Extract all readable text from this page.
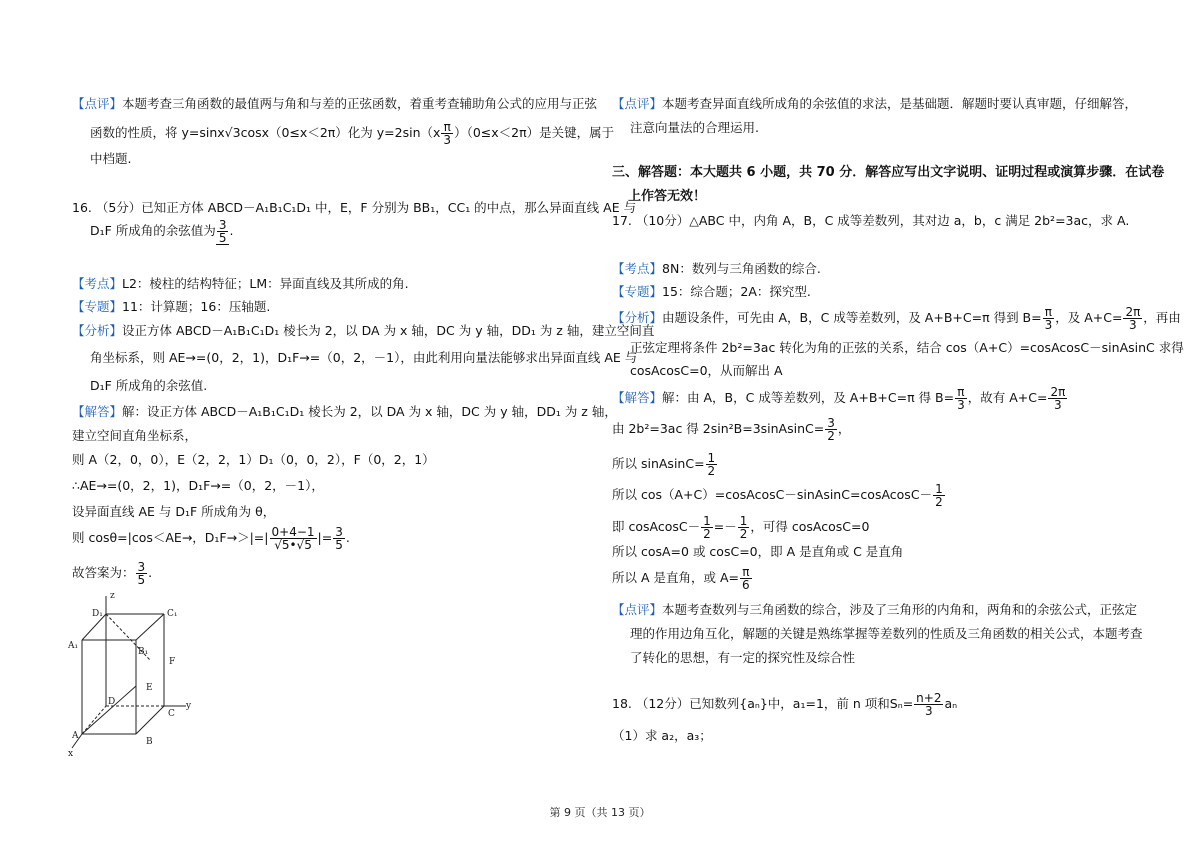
【点评】本题考查三角函数的最值两与角和与差的正弦函数，着重考查辅助角公式的应用与正弦
函数的性质，将 y=sinx√3cosx（0≤x＜2π）化为 $y=2\sin(x \frac{\pi}{3} )(0\le x<2\pi)$是关键，属于
中档题.
16. （5分）已知正方体 ABCD－A₁B₁C₁D₁ 中，E，F 分别为 BB₁，CC₁ 的中点，那么异面直线 AE 与
D₁F 所成角的余弦值为 $\frac{3}{5}$ .
【考点】L2：棱柱的结构特征；LM：异面直线及其所成的角.
【专题】11：计算题；16：压轴题.
【分析】设正方体 ABCD－A₁B₁C₁D₁ 棱长为 2，以 DA 为 x 轴，DC 为 y 轴，DD₁ 为 z 轴，建立空间直
角坐标系，则 AE→=(0，2，1)，D₁F→=（0，2，－1），由此利用向量法能够求出异面直线 AE 与
D₁F 所成角的余弦值.
【解答】解：设正方体 ABCD－A₁B₁C₁D₁ 棱长为 2，以 DA 为 x 轴，DC 为 y 轴，DD₁ 为 z 轴，
建立空间直角坐标系，
则 A（2，0，0），E（2，2，1）D₁（0，0，2），F（0，2，1）
∴AE→=(0，2，1)，D₁F→=（0，2，－1），
设异面直线 AE 与 D₁F 所成角为 θ，
则 cosθ=|cos＜AE→，$D_1F\to>|=| \frac{0+4-1}{√5•√5}$ |= $\frac{3}{5}$ .
故答案为： $\frac{3}{5}$ .
z
D₁	C₁
A₁
B₁
F
E
D
C
y
A
B
x
【点评】本题考查异面直线所成角的余弦值的求法，是基础题．解题时要认真审题，仔细解答，
注意向量法的合理运用.
三、解答题：本大题共 6 小题，共 70 分．解答应写出文字说明、证明过程或演算步骤．在试卷
上作答无效！
17. （10分）△ABC 中，内角 A，B，C 成等差数列，其对边 a，b，c 满足 2b²=3ac，求 A.
【考点】8N：数列与三角函数的综合.
【专题】15：综合题；2A：探究型.
【分析】由题设条件，可先由 A，B，C 成等差数列，及 A+B+C=π 得到 $B= \frac{\pi}{3}$ ，及 $A+C= \frac{2\pi}{3}$ ，再由
正弦定理将条件 2b²=3ac 转化为角的正弦的关系，结合 cos（A+C）=cosAcosC－sinAsinC 求得
cosAcosC=0，从而解出 A
【解答】解：由 A，B，C 成等差数列，及 A+B+C=π 得 $B= \frac{\pi}{3}$ ，故有 $A+C= \frac{2\pi}{3}$
由 2b²=3ac 得 2sin²B=3sinAsinC= $\frac{3}{2}$ ，
所以 sinAsinC= $\frac{1}{2}$
所以 cos（A+C）=cosAcosC－sinAsinC=cosAcosC－ $\frac{1}{2}$
即 cosAcosC－ $\frac{1}{2} =- \frac{1}{2}$ ，可得 cosAcosC=0
所以 cosA=0 或 cosC=0，即 A 是直角或 C 是直角
所以 A 是直角，或 $A= \frac{\pi}{6}$
【点评】本题考查数列与三角函数的综合，涉及了三角形的内角和，两角和的余弦公式，正弦定
理的作用边角互化，解题的关键是熟练掌握等差数列的性质及三角函数的相关公式，本题考查
了转化的思想，有一定的探究性及综合性
18. （12分）已知数列{aₙ}中，a₁=1，前 n 项和$S_n= \frac{n+2}{3}$ aₙ
（1）求 a₂，a₃；
第 9 页（共 13 页）
